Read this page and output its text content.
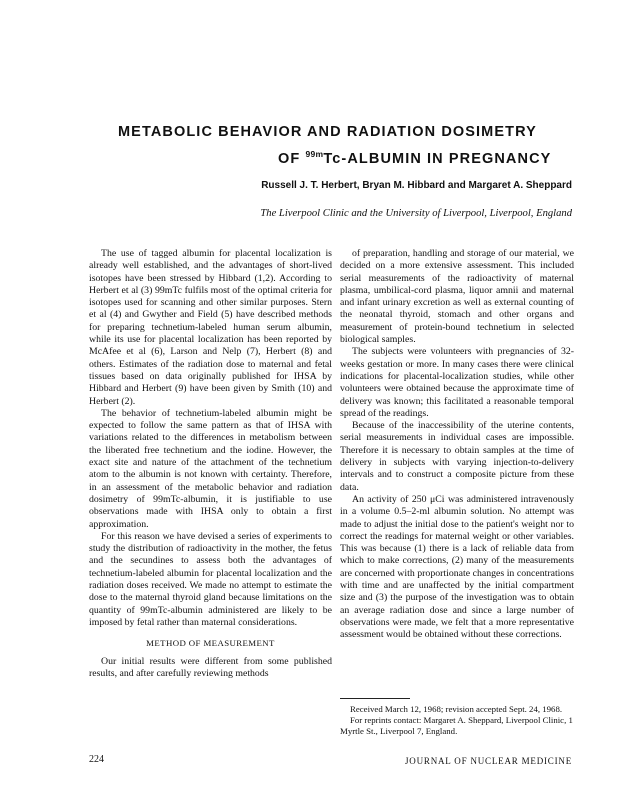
METABOLIC BEHAVIOR AND RADIATION DOSIMETRY
OF $^{99m}$Tc-ALBUMIN IN PREGNANCY
Russell J. T. Herbert, Bryan M. Hibbard and Margaret A. Sheppard
The Liverpool Clinic and the University of Liverpool, Liverpool, England

The use of tagged albumin for placental localization is already well established, and the advantages of short-lived isotopes have been stressed by Hibbard (1,2). According to Herbert et al (3) 99mTc fulfils most of the optimal criteria for isotopes used for scanning and other similar purposes. Stern et al (4) and Gwyther and Field (5) have described methods for preparing technetium-labeled human serum albumin, while its use for placental localization has been reported by McAfee et al (6), Larson and Nelp (7), Herbert (8) and others. Estimates of the radiation dose to maternal and fetal tissues based on data originally published for IHSA by Hibbard and Herbert (9) have been given by Smith (10) and Herbert (2).

The behavior of technetium-labeled albumin might be expected to follow the same pattern as that of IHSA with variations related to the differences in metabolism between the liberated free technetium and the iodine. However, the exact site and nature of the attachment of the technetium atom to the albumin is not known with certainty. Therefore, in an assessment of the metabolic behavior and radiation dosimetry of 99mTc-albumin, it is justifiable to use observations made with IHSA only to obtain a first approximation.

For this reason we have devised a series of experiments to study the distribution of radioactivity in the mother, the fetus and the secundines to assess both the advantages of technetium-labeled albumin for placental localization and the radiation doses received. We made no attempt to estimate the dose to the maternal thyroid gland because limitations on the quantity of 99mTc-albumin administered are likely to be imposed by fetal rather than maternal considerations.

METHOD OF MEASUREMENT

Our initial results were different from some published results, and after carefully reviewing methods

of preparation, handling and storage of our material, we decided on a more extensive assessment. This included serial measurements of the radioactivity of maternal plasma, umbilical-cord plasma, liquor amnii and maternal and infant urinary excretion as well as external counting of the neonatal thyroid, stomach and other organs and measurement of protein-bound technetium in selected biological samples.

The subjects were volunteers with pregnancies of 32-weeks gestation or more. In many cases there were clinical indications for placental-localization studies, while other volunteers were obtained because the approximate time of delivery was known; this facilitated a reasonable temporal spread of the readings.

Because of the inaccessibility of the uterine contents, serial measurements in individual cases are impossible. Therefore it is necessary to obtain samples at the time of delivery in subjects with varying injection-to-delivery intervals and to construct a composite picture from these data.

An activity of 250 μCi was administered intravenously in a volume 0.5–2-ml albumin solution. No attempt was made to adjust the initial dose to the patient's weight nor to correct the readings for maternal weight or other variables. This was because (1) there is a lack of reliable data from which to make corrections, (2) many of the measurements are concerned with proportionate changes in concentrations with time and are unaffected by the initial compartment size and (3) the purpose of the investigation was to obtain an average radiation dose and since a large number of observations were made, we felt that a more representative assessment would be obtained without these corrections.

Received March 12, 1968; revision accepted Sept. 24, 1968.

For reprints contact: Margaret A. Sheppard, Liverpool Clinic, 1 Myrtle St., Liverpool 7, England.

224	JOURNAL OF NUCLEAR MEDICINE
